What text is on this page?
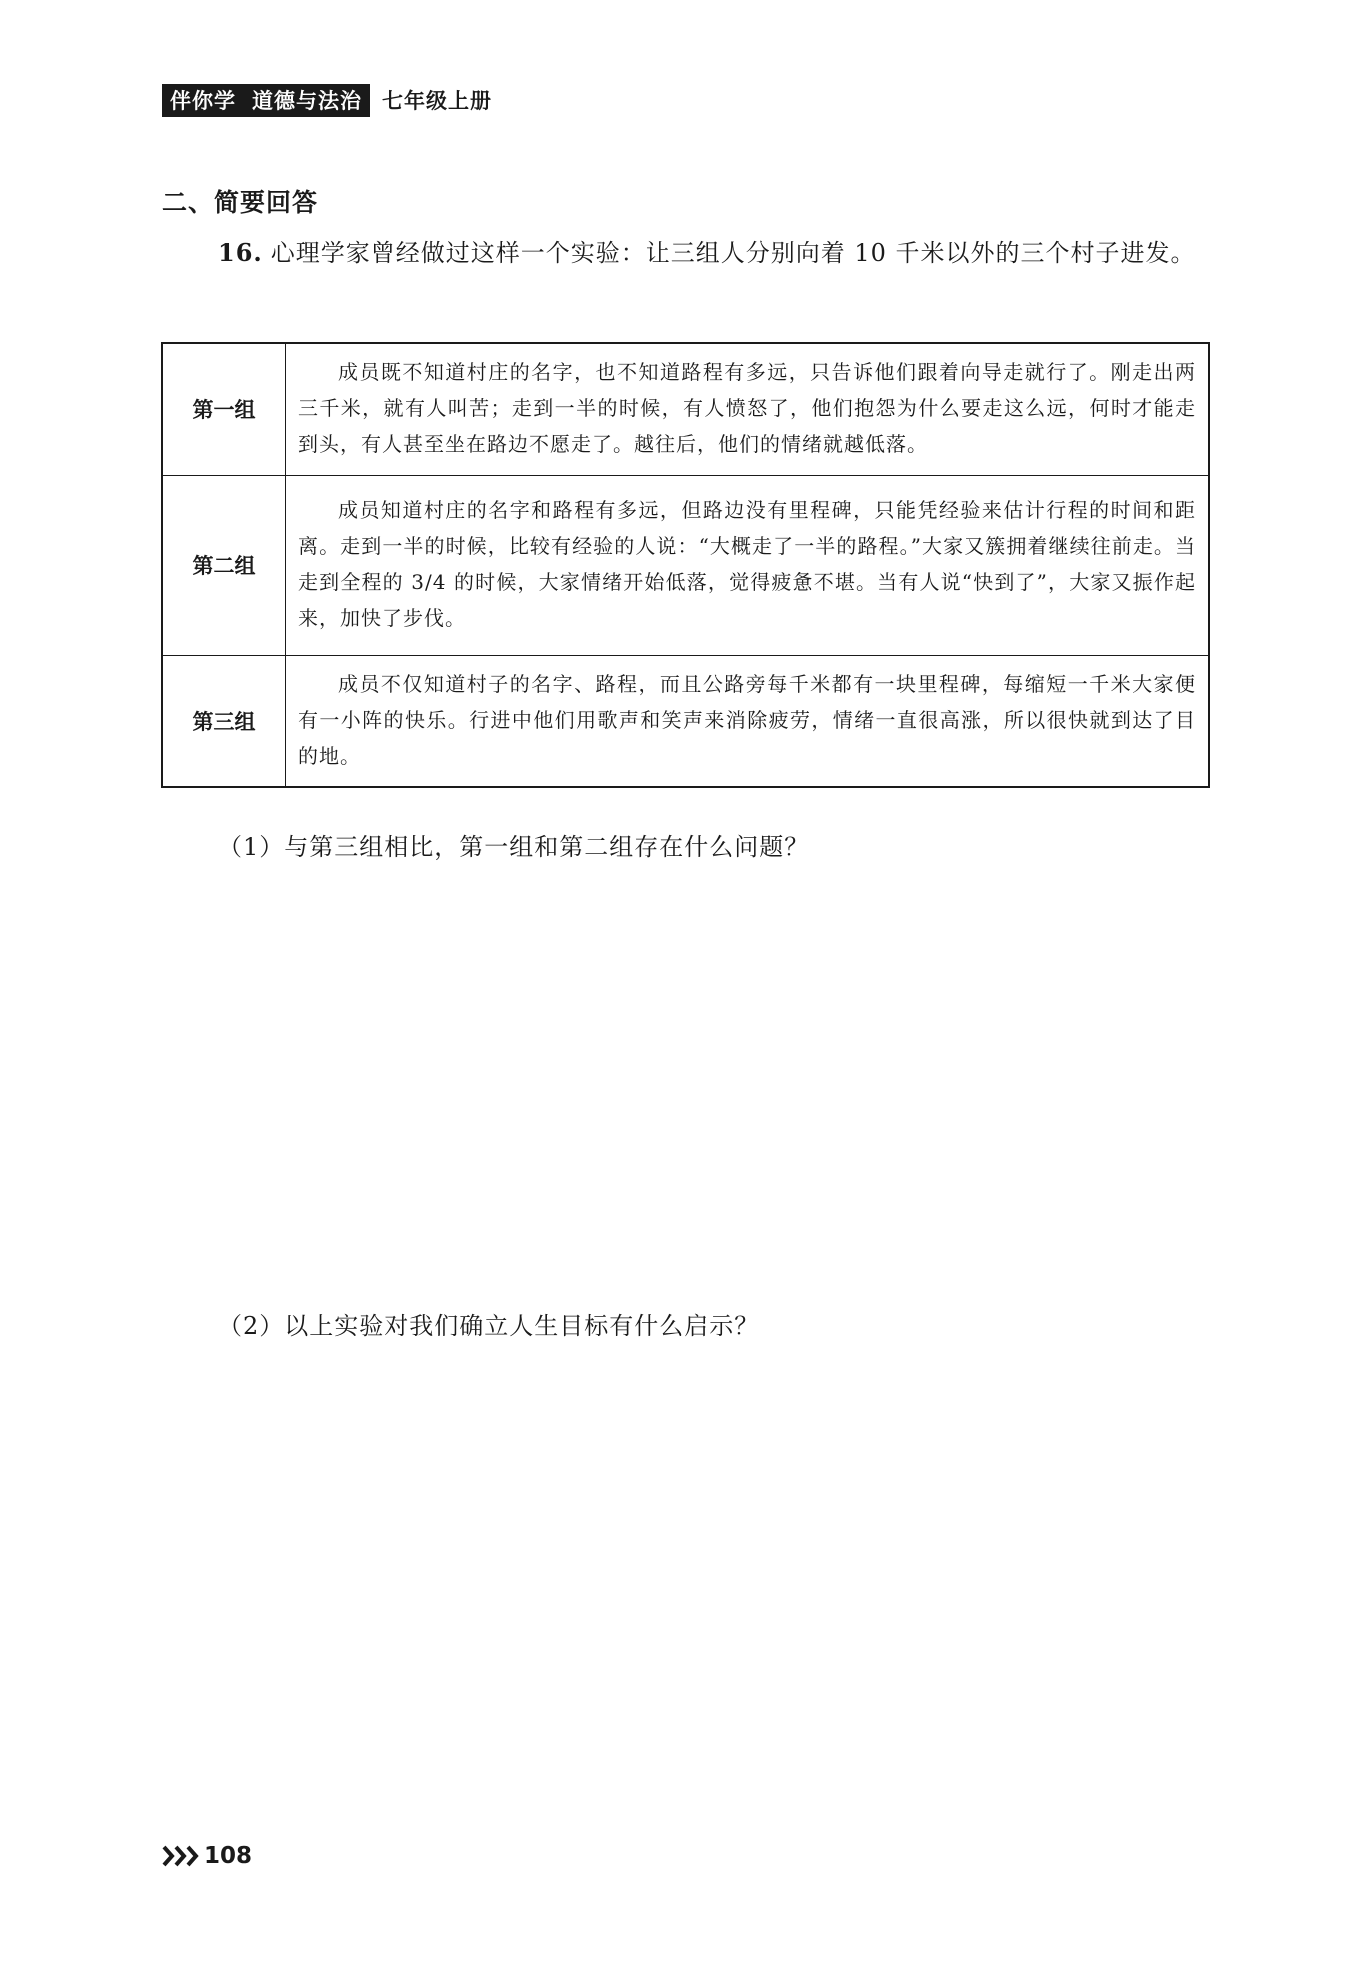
伴你学 道德与法治 七年级上册
二、简要回答
16. 心理学家曾经做过这样一个实验：让三组人分别向着 10 千米以外的三个村子进发。
第一组	成员既不知道村庄的名字，也不知道路程有多远，只告诉他们跟着向导走就行了。刚走出两三千米，就有人叫苦；走到一半的时候，有人愤怒了，他们抱怨为什么要走这么远，何时才能走到头，有人甚至坐在路边不愿走了。越往后，他们的情绪就越低落。
第二组	成员知道村庄的名字和路程有多远，但路边没有里程碑，只能凭经验来估计行程的时间和距离。走到一半的时候，比较有经验的人说：“大概走了一半的路程。”大家又簇拥着继续往前走。当走到全程的 3/4 的时候，大家情绪开始低落，觉得疲惫不堪。当有人说“快到了”，大家又振作起来，加快了步伐。
第三组	成员不仅知道村子的名字、路程，而且公路旁每千米都有一块里程碑，每缩短一千米大家便有一小阵的快乐。行进中他们用歌声和笑声来消除疲劳，情绪一直很高涨，所以很快就到达了目的地。
（1）与第三组相比，第一组和第二组存在什么问题？
（2）以上实验对我们确立人生目标有什么启示？
108
